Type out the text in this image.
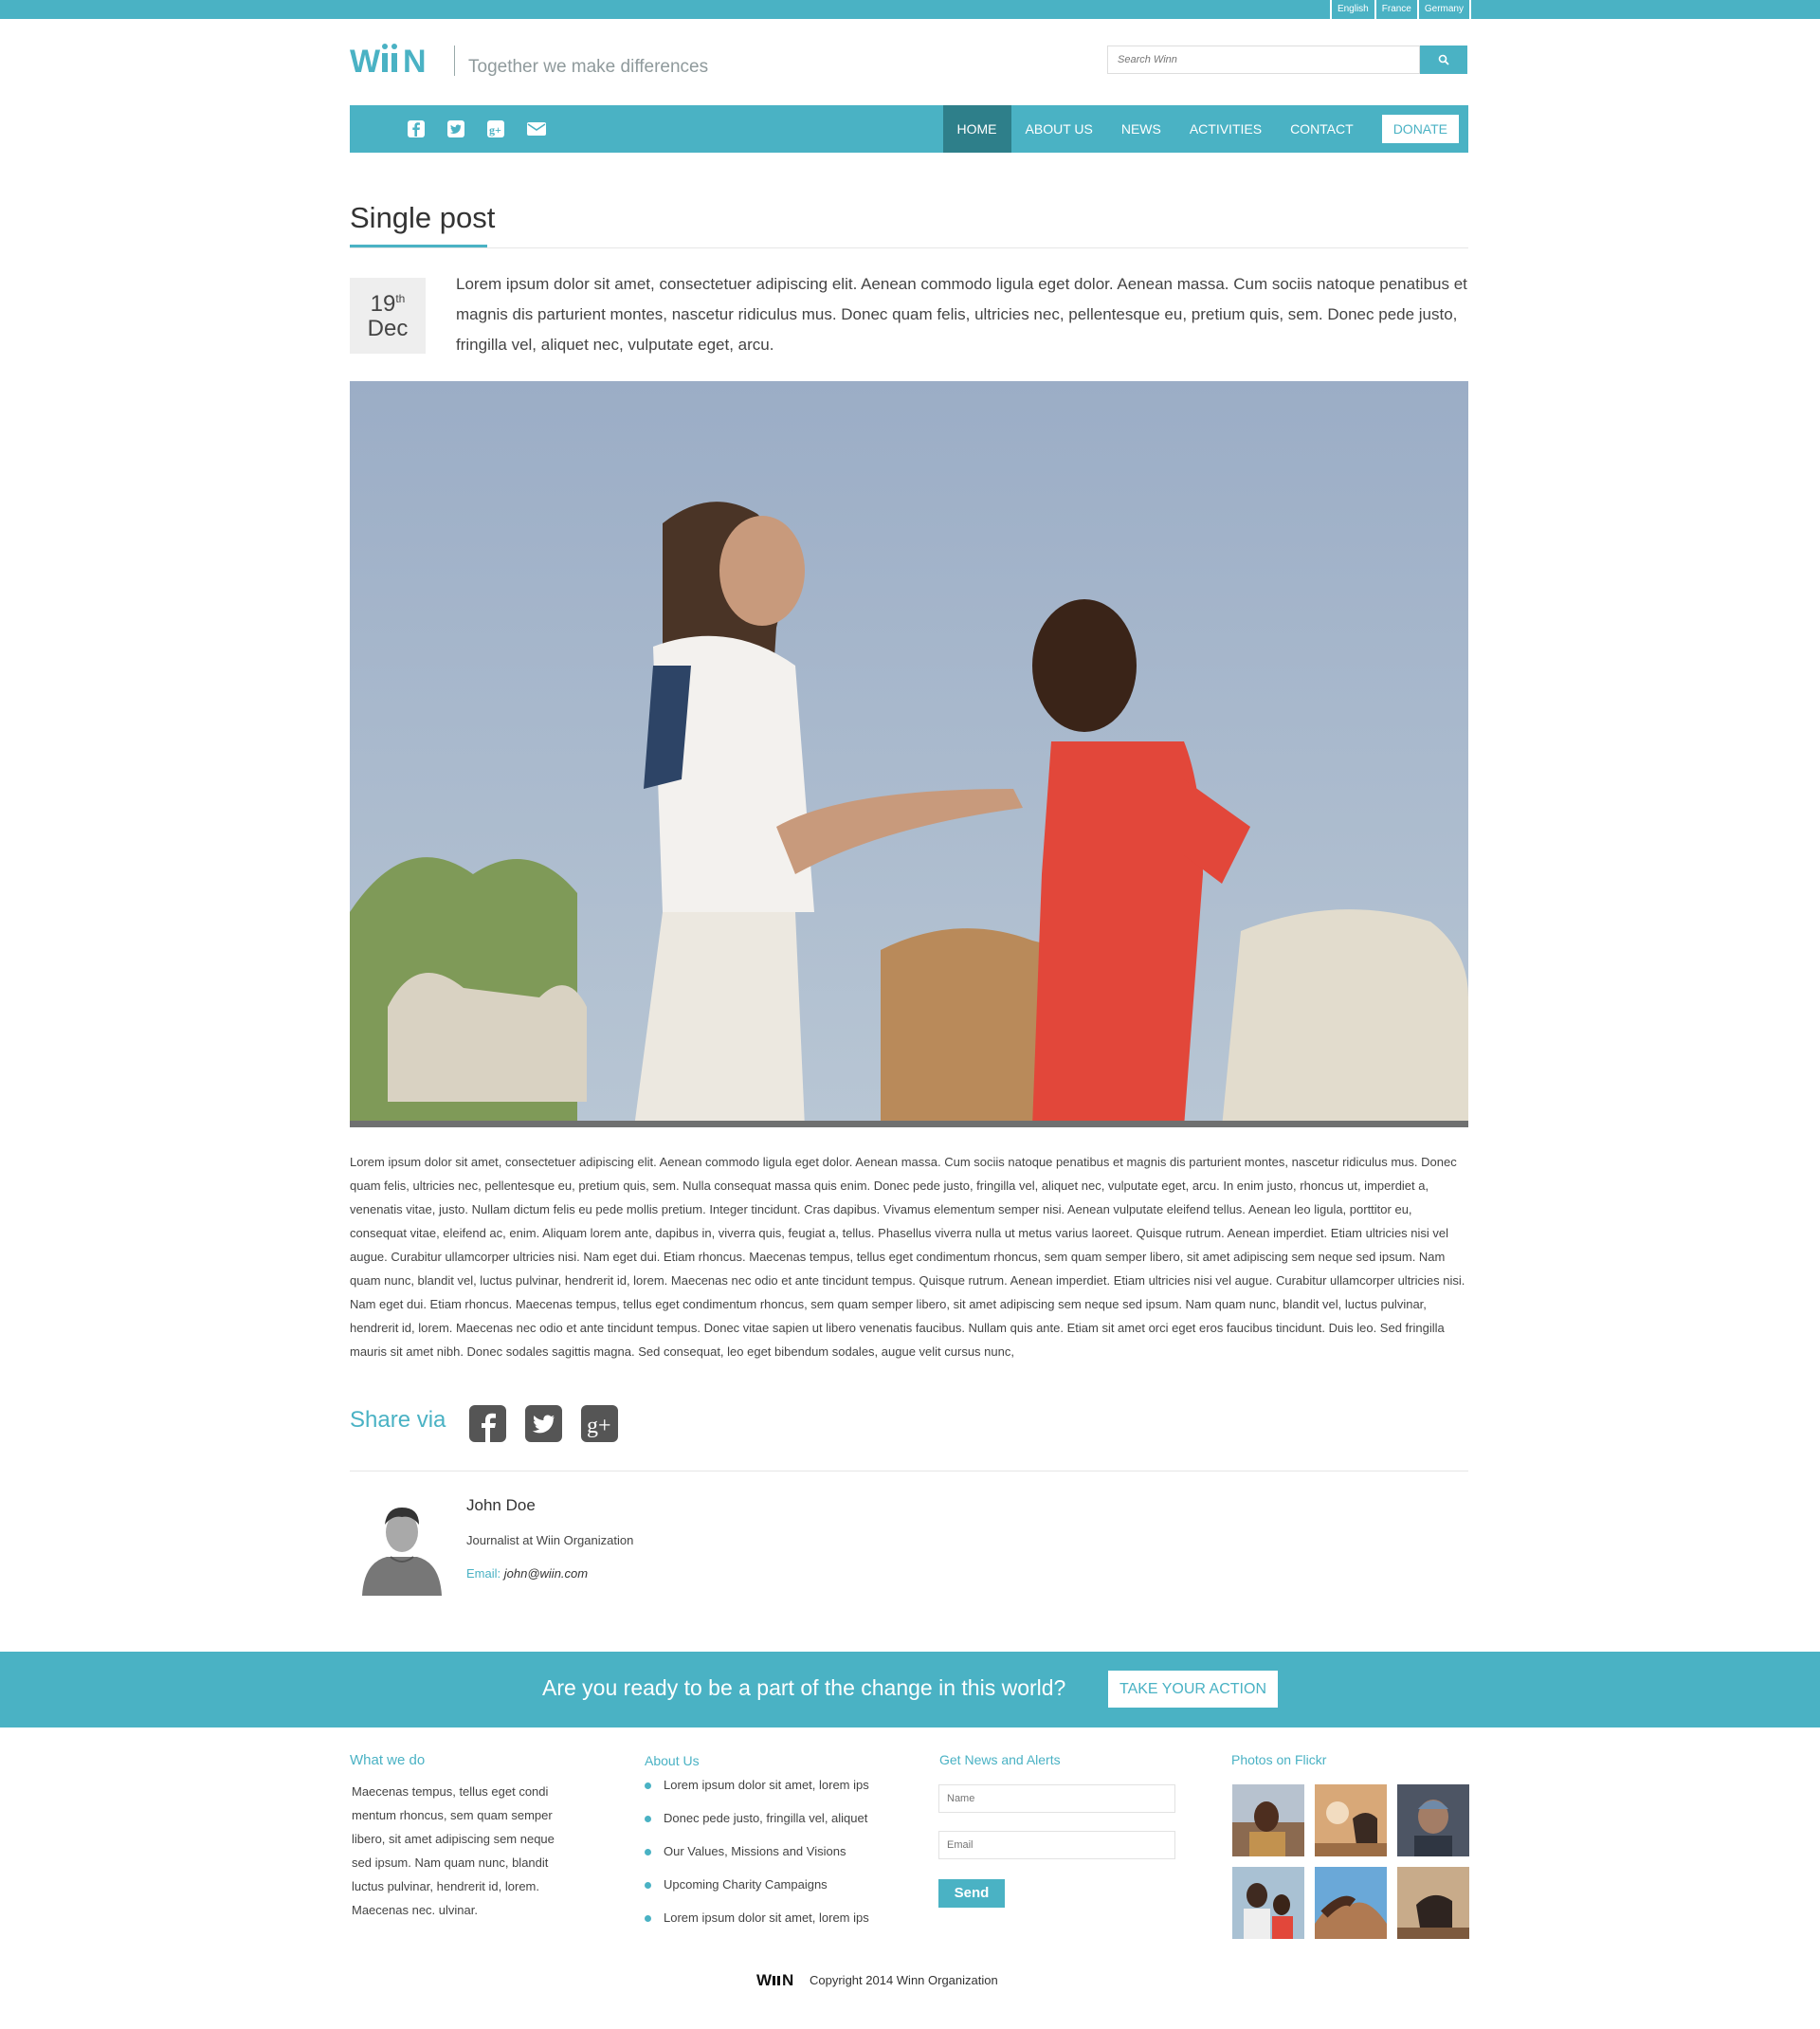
English	France	Germany
W N Together we make differences
Search Winn
g+	HOME	ABOUT US	NEWS	ACTIVITIES	CONTACT	DONATE
Single post
19th
Dec
Lorem ipsum dolor sit amet, consectetuer adipiscing elit. Aenean commodo ligula eget dolor. Aenean massa. Cum sociis natoque penatibus et magnis dis parturient montes, nascetur ridiculus mus. Donec quam felis, ultricies nec, pellentesque eu, pretium quis, sem. Donec pede justo, fringilla vel, aliquet nec, vulputate eget, arcu.
Lorem ipsum dolor sit amet, consectetuer adipiscing elit. Aenean commodo ligula eget dolor. Aenean massa. Cum sociis natoque penatibus et magnis dis parturient montes, nascetur ridiculus mus. Donec quam felis, ultricies nec, pellentesque eu, pretium quis, sem. Nulla consequat massa quis enim. Donec pede justo, fringilla vel, aliquet nec, vulputate eget, arcu. In enim justo, rhoncus ut, imperdiet a, venenatis vitae, justo. Nullam dictum felis eu pede mollis pretium. Integer tincidunt. Cras dapibus. Vivamus elementum semper nisi. Aenean vulputate eleifend tellus. Aenean leo ligula, porttitor eu, consequat vitae, eleifend ac, enim. Aliquam lorem ante, dapibus in, viverra quis, feugiat a, tellus. Phasellus viverra nulla ut metus varius laoreet. Quisque rutrum. Aenean imperdiet. Etiam ultricies nisi vel augue. Curabitur ullamcorper ultricies nisi. Nam eget dui. Etiam rhoncus. Maecenas tempus, tellus eget condimentum rhoncus, sem quam semper libero, sit amet adipiscing sem neque sed ipsum. Nam quam nunc, blandit vel, luctus pulvinar, hendrerit id, lorem. Maecenas nec odio et ante tincidunt tempus. Quisque rutrum. Aenean imperdiet. Etiam ultricies nisi vel augue. Curabitur ullamcorper ultricies nisi. Nam eget dui. Etiam rhoncus. Maecenas tempus, tellus eget condimentum rhoncus, sem quam semper libero, sit amet adipiscing sem neque sed ipsum. Nam quam nunc, blandit vel, luctus pulvinar, hendrerit id, lorem. Maecenas nec odio et ante tincidunt tempus. Donec vitae sapien ut libero venenatis faucibus. Nullam quis ante. Etiam sit amet orci eget eros faucibus tincidunt. Duis leo. Sed fringilla mauris sit amet nibh. Donec sodales sagittis magna. Sed consequat, leo eget bibendum sodales, augue velit cursus nunc,
Share via	g+
John Doe
Journalist at Wiin Organization
Email: john@wiin.com
Are you ready to be a part of the change in this world?	TAKE YOUR ACTION
What we do
Maecenas tempus, tellus eget condi mentum rhoncus, sem quam semper libero, sit amet adipiscing sem neque sed ipsum. Nam quam nunc, blandit luctus pulvinar, hendrerit id, lorem. Maecenas nec. ulvinar.
About Us
Lorem ipsum dolor sit amet, lorem ips
Donec pede justo, fringilla vel, aliquet
Our Values, Missions and Visions
Upcoming Charity Campaigns
Lorem ipsum dolor sit amet, lorem ips
Get News and Alerts
Name
Email
Send
Photos on Flickr
W N Copyright 2014 Winn Organization
